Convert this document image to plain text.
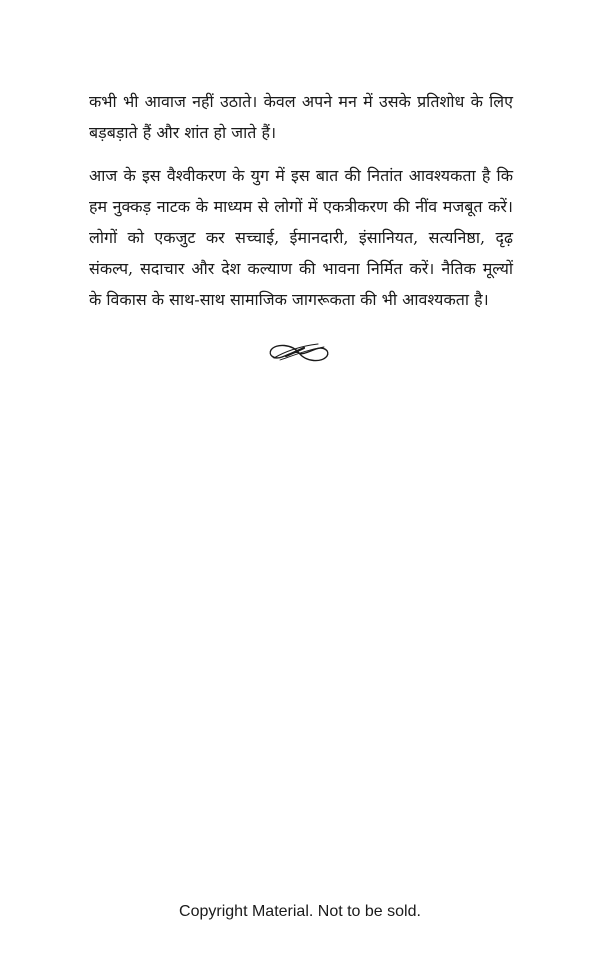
कभी भी आवाज नहीं उठाते। केवल अपने मन में उसके प्रतिशोध के लिए
बड़बड़ाते हैं और शांत हो जाते हैं।

आज के इस वैश्वीकरण के युग में इस बात की नितांत आवश्यकता है कि
हम नुक्कड़ नाटक के माध्यम से लोगों में एकत्रीकरण की नींव मजबूत करें।
लोगों को एकजुट कर सच्चाई, ईमानदारी, इंसानियत, सत्यनिष्ठा, दृढ़
संकल्प, सदाचार और देश कल्याण की भावना निर्मित करें। नैतिक मूल्यों
के विकास के साथ-साथ सामाजिक जागरूकता की भी आवश्यकता है।

Copyright Material. Not to be sold.
